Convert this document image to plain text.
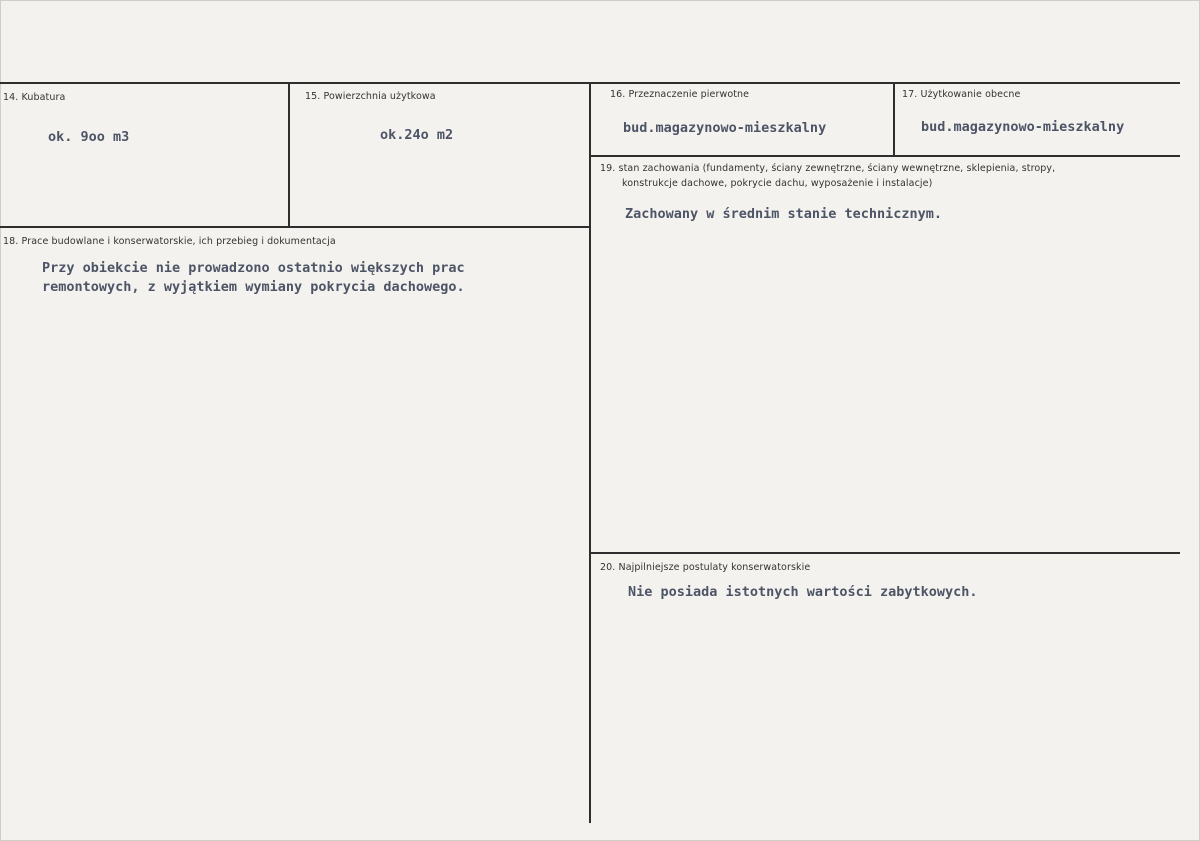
14. Kubatura
ok. 9oo m3
15. Powierzchnia użytkowa
ok.24o m2
16. Przeznaczenie pierwotne
bud.magazynowo-mieszkalny
17. Użytkowanie obecne
bud.magazynowo-mieszkalny
18. Prace budowlane i konserwatorskie, ich przebieg i dokumentacja
Przy obiekcie nie prowadzono ostatnio większych prac
remontowych, z wyjątkiem wymiany pokrycia dachowego.
19. stan zachowania (fundamenty, ściany zewnętrzne, ściany wewnętrzne, sklepienia, stropy,
konstrukcje dachowe, pokrycie dachu, wyposażenie i instalacje)
Zachowany w średnim stanie technicznym.
20. Najpilniejsze postulaty konserwatorskie
Nie posiada istotnych wartości zabytkowych.
